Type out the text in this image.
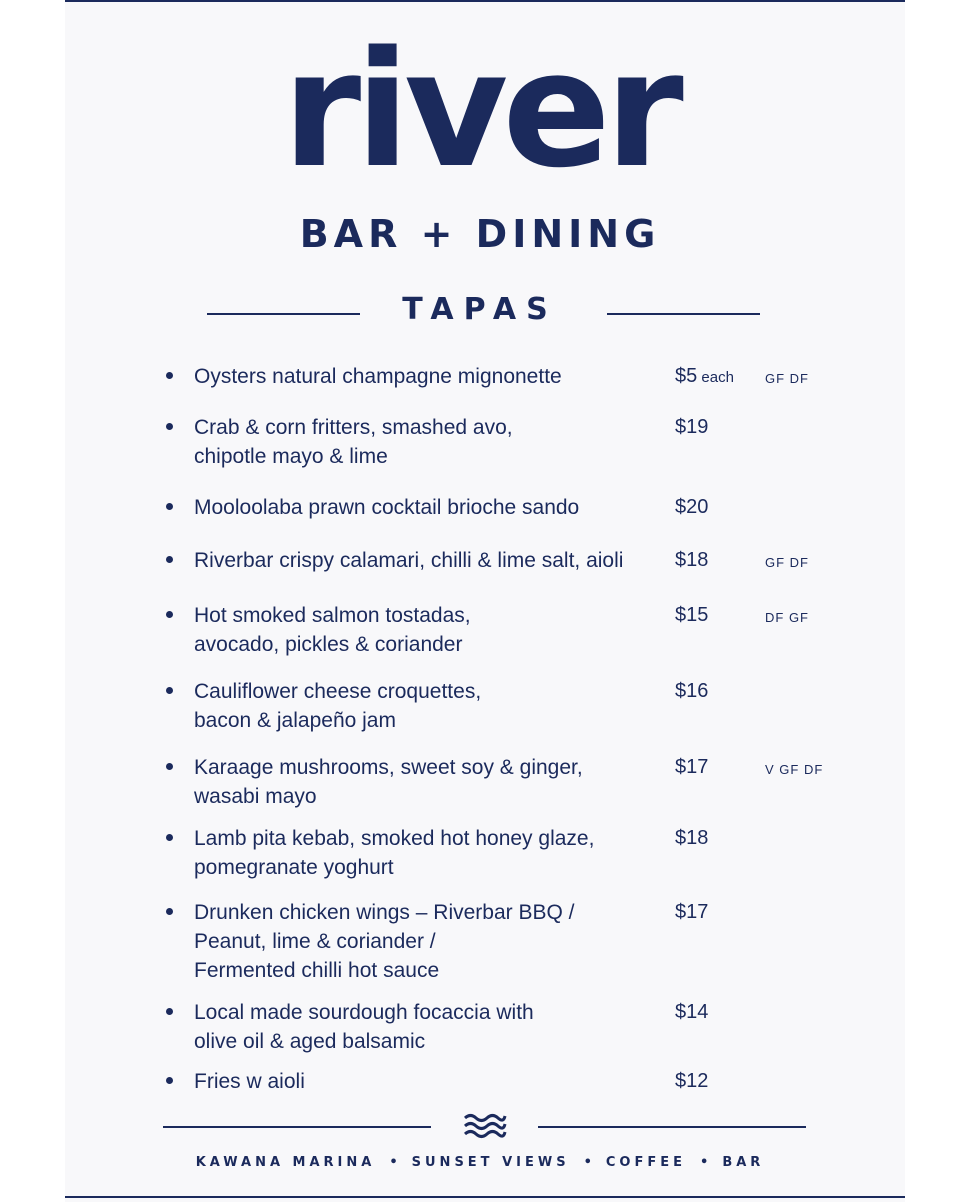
river
BAR + DINING
TAPAS
Oysters natural champagne mignonette	$5 each GF DF
Crab & corn fritters, smashed avo,
chipotle mayo & lime
$19
Mooloolaba prawn cocktail brioche sando	$20
Riverbar crispy calamari, chilli & lime salt, aioli	$18	GF DF
Hot smoked salmon tostadas,
avocado, pickles & coriander
$15	DF GF
Cauliflower cheese croquettes,
bacon & jalapeño jam
$16
Karaage mushrooms, sweet soy & ginger,
wasabi mayo
$17	V GF DF
Lamb pita kebab, smoked hot honey glaze,
pomegranate yoghurt
$18
Drunken chicken wings – Riverbar BBQ /
Peanut, lime & coriander /
Fermented chilli hot sauce
$17
Local made sourdough focaccia with
olive oil & aged balsamic
$14
Fries w aioli	$12
KAWANA MARINA • SUNSET VIEWS • COFFEE • BAR
